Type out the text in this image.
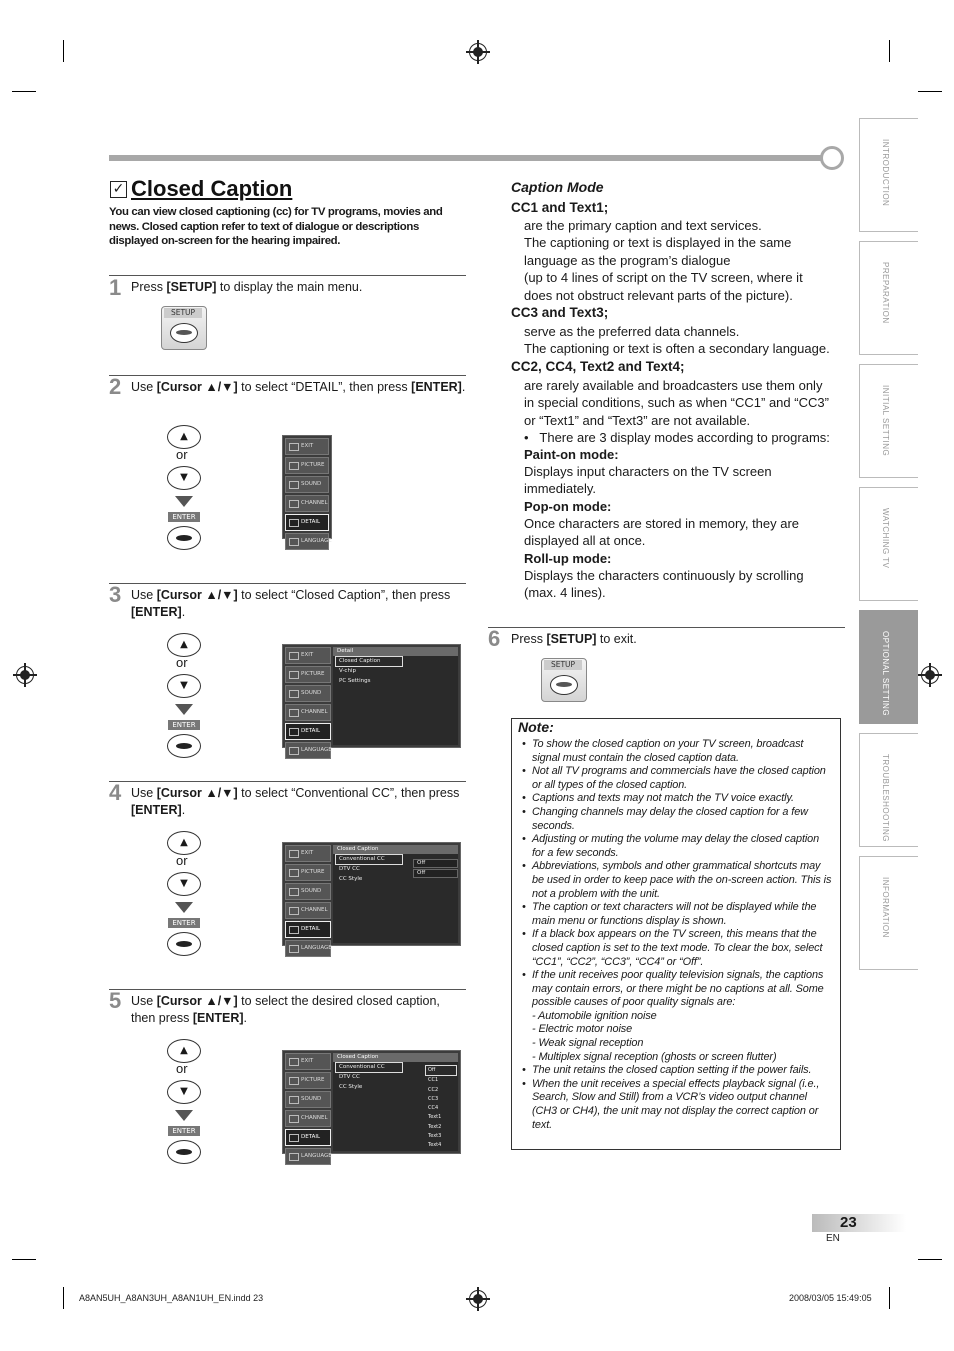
INTRODUCTION
PREPARATION
INITIAL SETTING
WATCHING TV
OPTIONAL SETTING
TROUBLESHOOTING
INFORMATION
✓ Closed Caption
You can view closed captioning (cc) for TV programs, movies and news. Closed caption refer to text of dialogue or descriptions displayed on-screen for the hearing impaired.
1 Press [SETUP] to display the main menu.
SETUP
2 Use [Cursor ▲/▼] to select “DETAIL”, then press [ENTER].
▲
or
▼
ENTER
EXIT
PICTURE
SOUND
CHANNEL
DETAIL
LANGUAGE
3 Use [Cursor ▲/▼] to select “Closed Caption”, then press [ENTER].
▲
or
▼
ENTER
EXIT
PICTURE
SOUND
CHANNEL
DETAIL
LANGUAGE
Detail
Closed Caption
V-chip
PC Settings
4 Use [Cursor ▲/▼] to select “Conventional CC”, then press [ENTER].
▲
or
▼
ENTER
EXIT
PICTURE
SOUND
CHANNEL
DETAIL
LANGUAGE
Closed Caption
Conventional CC
DTV CC
CC Style
Off
Off
5 Use [Cursor ▲/▼] to select the desired closed caption, then press [ENTER].
▲
or
▼
ENTER
EXIT
PICTURE
SOUND
CHANNEL
DETAIL
LANGUAGE
Closed Caption
Conventional CC
DTV CC
CC Style
Off
CC1
CC2
CC3
CC4
Text1
Text2
Text3
Text4
Caption Mode
CC1 and Text1;
are the primary caption and text services.
The captioning or text is displayed in the same
language as the program’s dialogue
(up to 4 lines of script on the TV screen, where it
does not obstruct relevant parts of the picture).
CC3 and Text3;
serve as the preferred data channels.
The captioning or text is often a secondary language.
CC2, CC4, Text2 and Text4;
are rarely available and broadcasters use them only
in special conditions, such as when “CC1” and “CC3”
or “Text1” and “Text3” are not available.
• There are 3 display modes according to programs:
Paint-on mode:
Displays input characters on the TV screen
immediately.
Pop-on mode:
Once characters are stored in memory, they are
displayed all at once.
Roll-up mode:
Displays the characters continuously by scrolling
(max. 4 lines).
6 Press [SETUP] to exit.
SETUP
Note:
• To show the closed caption on your TV screen, broadcast signal must contain the closed caption data.
• Not all TV programs and commercials have the closed caption or all types of the closed caption.
• Captions and texts may not match the TV voice exactly.
• Changing channels may delay the closed caption for a few seconds.
• Adjusting or muting the volume may delay the closed caption for a few seconds.
• Abbreviations, symbols and other grammatical shortcuts may be used in order to keep pace with the on-screen action. This is not a problem with the unit.
• The caption or text characters will not be displayed while the main menu or functions display is shown.
• If a black box appears on the TV screen, this means that the closed caption is set to the text mode. To clear the box, select “CC1”, “CC2”, “CC3”, “CC4” or “Off”.
• If the unit receives poor quality television signals, the captions may contain errors, or there might be no captions at all. Some possible causes of poor quality signals are:
- Automobile ignition noise
- Electric motor noise
- Weak signal reception
- Multiplex signal reception (ghosts or screen flutter)
• The unit retains the closed caption setting if the power fails.
• When the unit receives a special effects playback signal (i.e., Search, Slow and Still) from a VCR’s video output channel (CH3 or CH4), the unit may not display the correct caption or text.
23
EN
A8AN5UH_A8AN3UH_A8AN1UH_EN.indd 23	2008/03/05 15:49:05
